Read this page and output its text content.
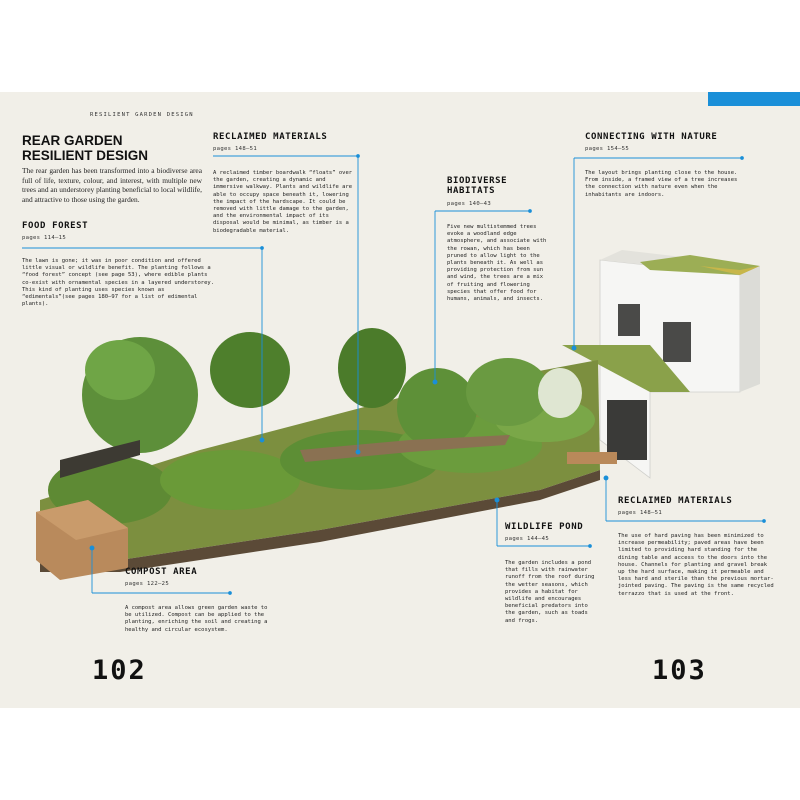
RESILIENT GARDEN DESIGN
REAR GARDEN
RESILIENT DESIGN
The rear garden has been transformed into a biodiverse area full of life, texture, colour, and interest, with multiple new trees and an understorey planting beneficial to local wildlife, and attractive to those using the garden.
FOOD FOREST
pages 114–15
The lawn is gone; it was in poor condition and offered little visual or wildlife benefit. The planting follows a “food forest” concept (see page 53), where edible plants co-exist with ornamental species in a layered understorey. This kind of planting uses species known as “edimentals”(see pages 180–97 for a list of edimental plants).
RECLAIMED MATERIALS
pages 148–51
A reclaimed timber boardwalk “floats” over the garden, creating a dynamic and immersive walkway. Plants and wildlife are able to occupy space beneath it, lowering the impact of the hardscape. It could be removed with little damage to the garden, and the environmental impact of its disposal would be minimal, as timber is a biodegradable material.
BIODIVERSE
HABITATS
pages 140–43
Five new multistemmed trees evoke a woodland edge atmosphere, and associate with the rowan, which has been pruned to allow light to the plants beneath it. As well as providing protection from sun and wind, the trees are a mix of fruiting and flowering species that offer food for humans, animals, and insects.
CONNECTING WITH NATURE
pages 154–55
The layout brings planting close to the house. From inside, a framed view of a tree increases the connection with nature even when the inhabitants are indoors.
RECLAIMED MATERIALS
pages 148–51
The use of hard paving has been minimized to increase permeability; paved areas have been limited to providing hard standing for the dining table and access to the doors into the house. Channels for planting and gravel break up the hard surface, making it permeable and less hard and sterile than the previous mortar-jointed paving. The paving is the same recycled terrazzo that is used at the front.
WILDLIFE POND
pages 144–45
The garden includes a pond that fills with rainwater runoff from the roof during the wetter seasons, which provides a habitat for wildlife and encourages beneficial predators into the garden, such as toads and frogs.
COMPOST AREA
pages 122–25
A compost area allows green garden waste to be utilized. Compost can be applied to the planting, enriching the soil and creating a healthy and circular ecosystem.
102	103
